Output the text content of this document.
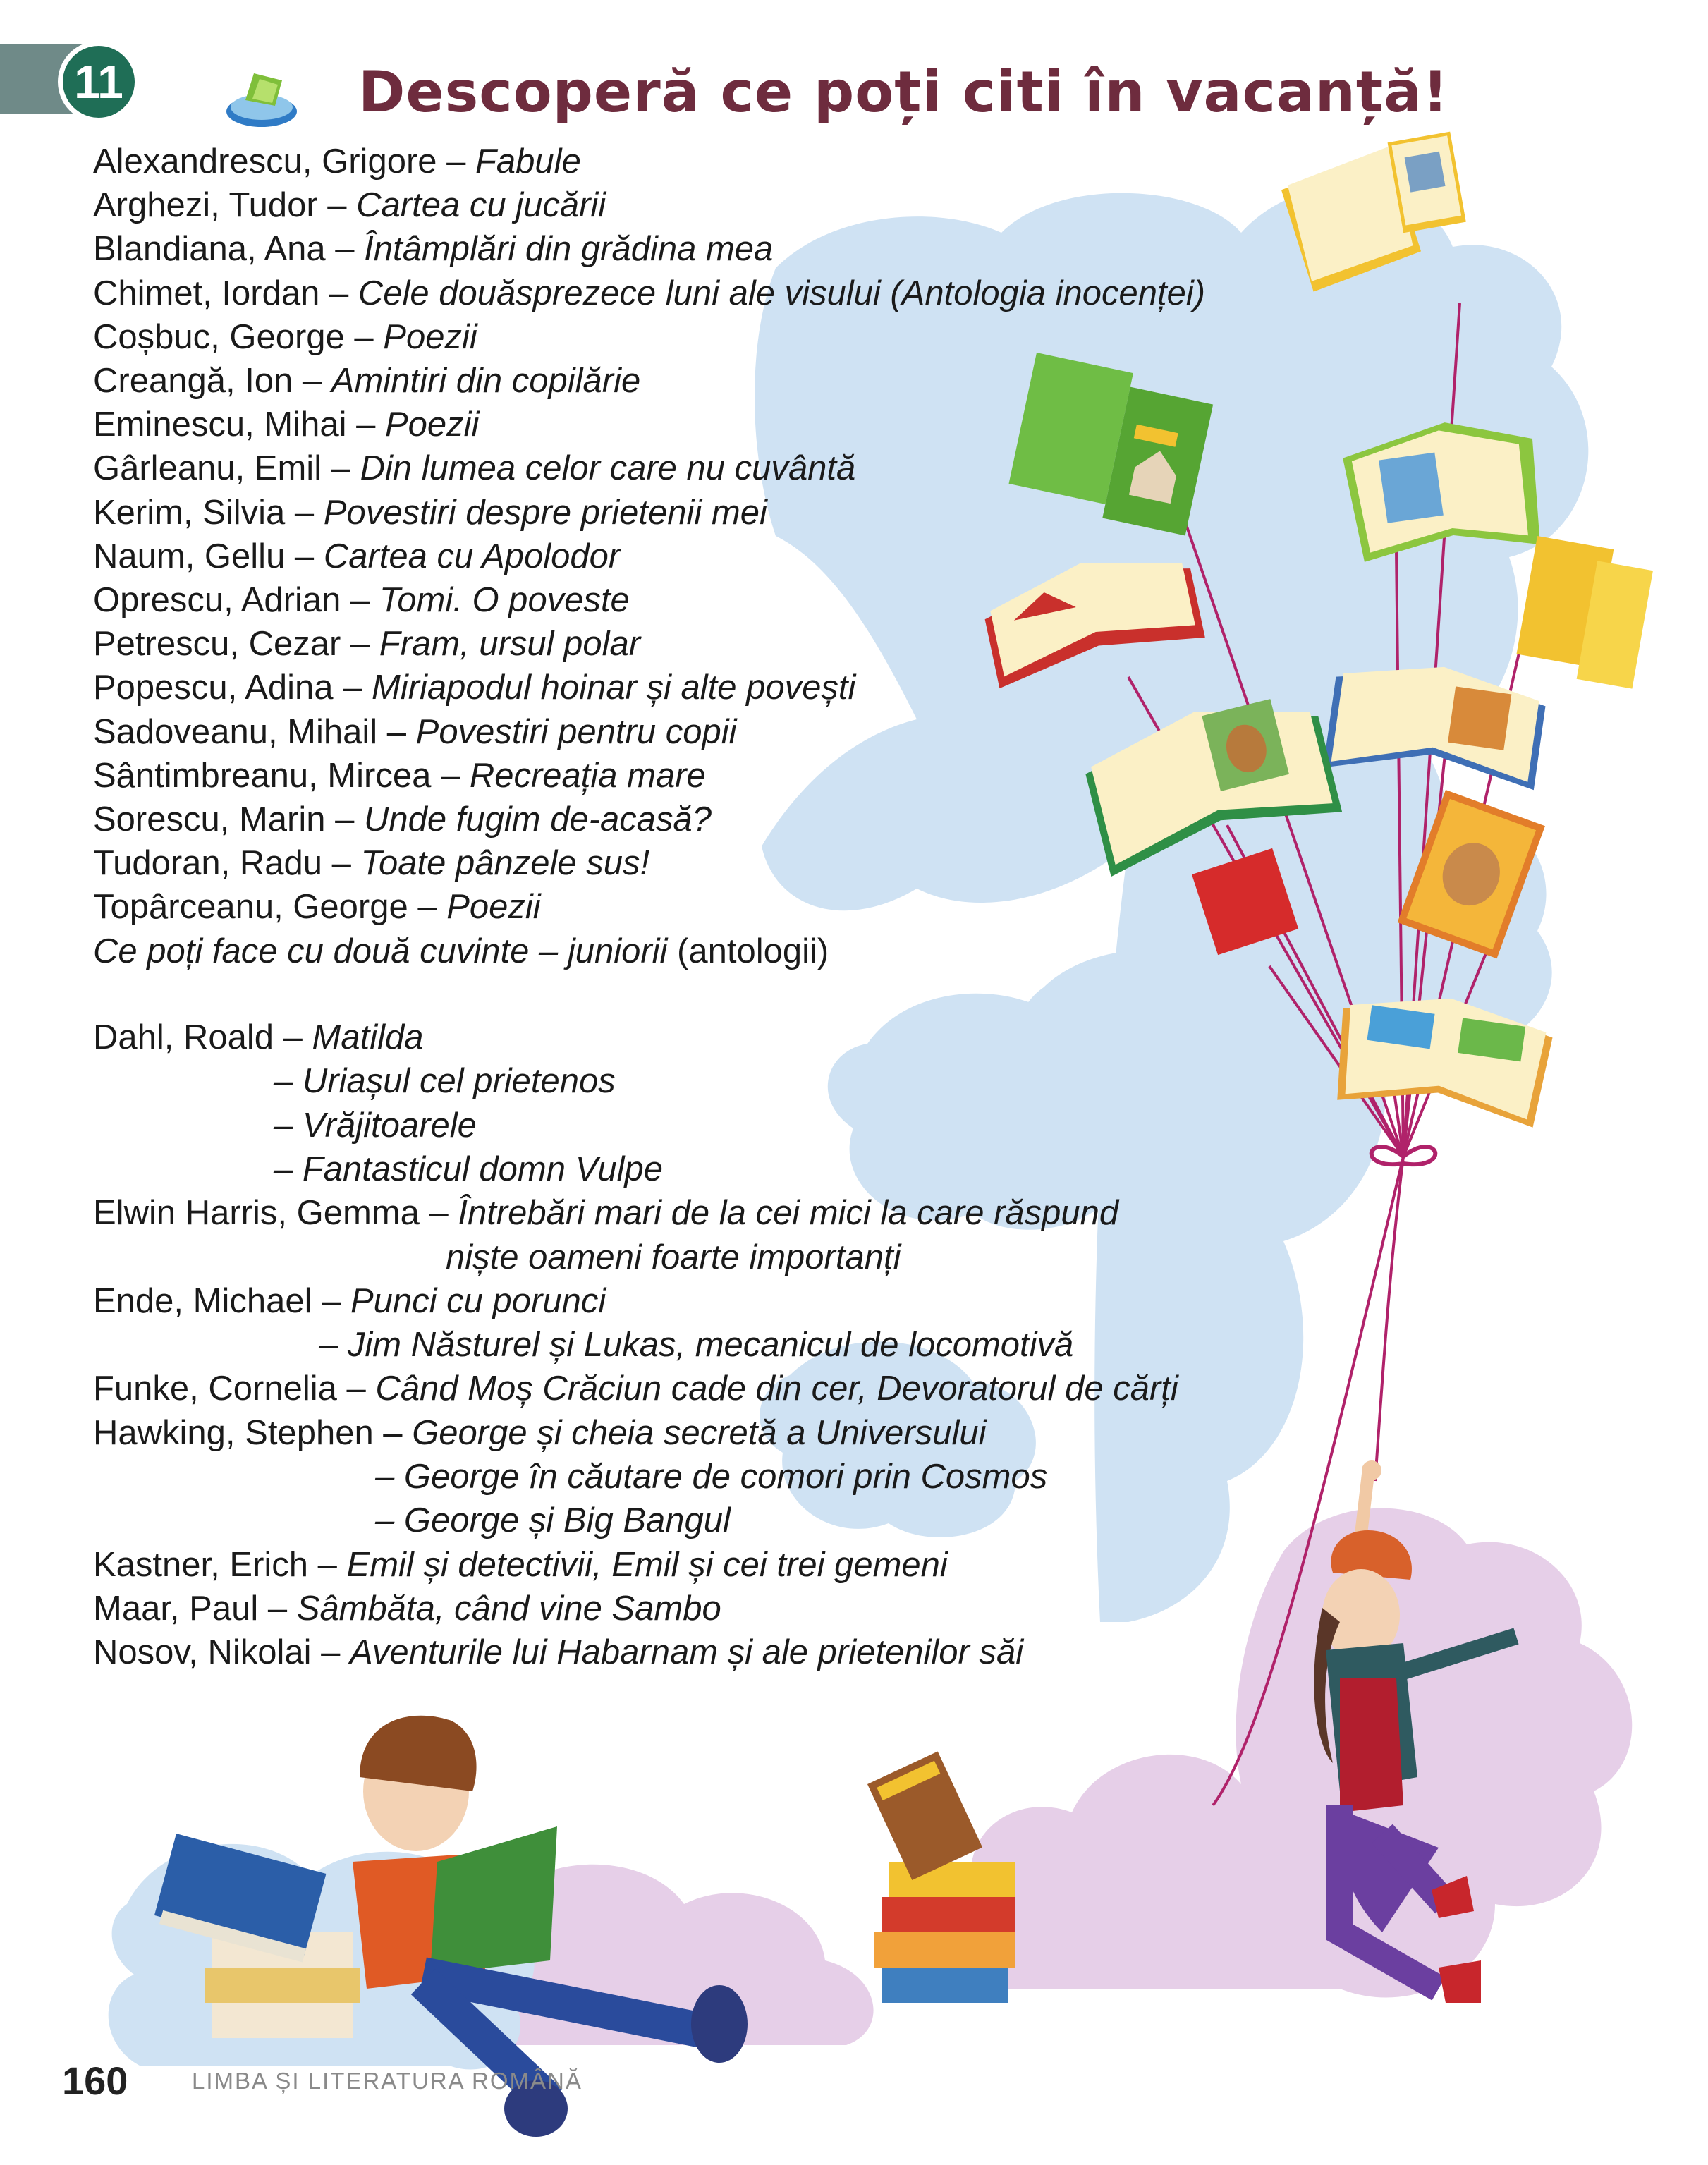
11	Descoperă ce poți citi în vacanță!
Alexandrescu, Grigore – Fabule
Arghezi, Tudor – Cartea cu jucării
Blandiana, Ana – Întâmplări din grădina mea
Chimet, Iordan – Cele douăsprezece luni ale visului (Antologia inocenței)
Coșbuc, George – Poezii
Creangă, Ion – Amintiri din copilărie
Eminescu, Mihai – Poezii
Gârleanu, Emil – Din lumea celor care nu cuvântă
Kerim, Silvia – Povestiri despre prietenii mei
Naum, Gellu – Cartea cu Apolodor
Oprescu, Adrian – Tomi. O poveste
Petrescu, Cezar – Fram, ursul polar
Popescu, Adina – Miriapodul hoinar și alte povești
Sadoveanu, Mihail – Povestiri pentru copii
Sântimbreanu, Mircea – Recreația mare
Sorescu, Marin – Unde fugim de-acasă?
Tudoran, Radu – Toate pânzele sus!
Topârceanu, George – Poezii
Ce poți face cu două cuvinte – juniorii (antologii)
Dahl, Roald – Matilda
– Uriașul cel prietenos
– Vrăjitoarele
– Fantasticul domn Vulpe
Elwin Harris, Gemma – Întrebări mari de la cei mici la care răspund
niște oameni foarte importanți
Ende, Michael – Punci cu porunci
– Jim Năsturel și Lukas, mecanicul de locomotivă
Funke, Cornelia – Când Moș Crăciun cade din cer, Devoratorul de cărți
Hawking, Stephen – George și cheia secretă a Universului
– George în căutare de comori prin Cosmos
– George și Big Bangul
Kastner, Erich – Emil și detectivii, Emil și cei trei gemeni
Maar, Paul – Sâmbăta, când vine Sambo
Nosov, Nikolai – Aventurile lui Habarnam și ale prietenilor săi
160	LIMBA ȘI LITERATURA ROMÂNĂ
